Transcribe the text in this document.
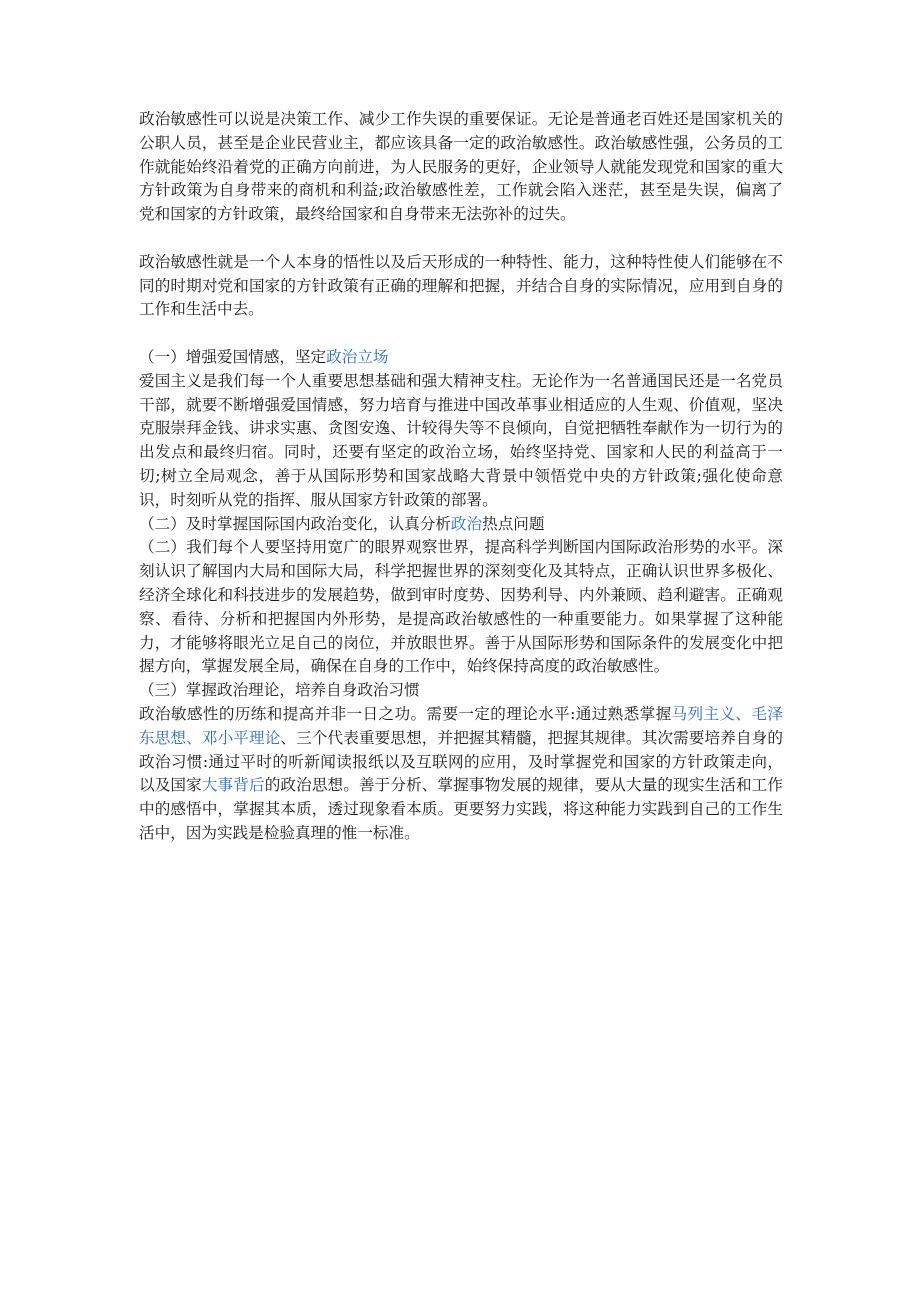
政治敏感性可以说是决策工作、减少工作失误的重要保证。无论是普通老百姓还是国家机关的公职人员，甚至是企业民营业主，都应该具备一定的政治敏感性。政治敏感性强，公务员的工作就能始终沿着党的正确方向前进，为人民服务的更好，企业领导人就能发现党和国家的重大方针政策为自身带来的商机和利益;政治敏感性差，工作就会陷入迷茫，甚至是失误，偏离了党和国家的方针政策，最终给国家和自身带来无法弥补的过失。

政治敏感性就是一个人本身的悟性以及后天形成的一种特性、能力，这种特性使人们能够在不同的时期对党和国家的方针政策有正确的理解和把握，并结合自身的实际情况，应用到自身的工作和生活中去。

（一）增强爱国情感，坚定政治立场

爱国主义是我们每一个人重要思想基础和强大精神支柱。无论作为一名普通国民还是一名党员干部，就要不断增强爱国情感，努力培育与推进中国改革事业相适应的人生观、价值观，坚决克服崇拜金钱、讲求实惠、贪图安逸、计较得失等不良倾向，自觉把牺牲奉献作为一切行为的出发点和最终归宿。同时，还要有坚定的政治立场，始终坚持党、国家和人民的利益高于一切;树立全局观念，善于从国际形势和国家战略大背景中领悟党中央的方针政策;强化使命意识，时刻听从党的指挥、服从国家方针政策的部署。

（二）及时掌握国际国内政治变化，认真分析政治热点问题

（二）我们每个人要坚持用宽广的眼界观察世界，提高科学判断国内国际政治形势的水平。深刻认识了解国内大局和国际大局，科学把握世界的深刻变化及其特点，正确认识世界多极化、经济全球化和科技进步的发展趋势，做到审时度势、因势利导、内外兼顾、趋利避害。正确观察、看待、分析和把握国内外形势，是提高政治敏感性的一种重要能力。如果掌握了这种能力，才能够将眼光立足自己的岗位，并放眼世界。善于从国际形势和国际条件的发展变化中把握方向，掌握发展全局，确保在自身的工作中，始终保持高度的政治敏感性。

（三）掌握政治理论，培养自身政治习惯

政治敏感性的历练和提高并非一日之功。需要一定的理论水平:通过熟悉掌握马列主义、毛泽东思想、邓小平理论、三个代表重要思想，并把握其精髓，把握其规律。其次需要培养自身的政治习惯:通过平时的听新闻读报纸以及互联网的应用，及时掌握党和国家的方针政策走向，以及国家大事背后的政治思想。善于分析、掌握事物发展的规律，要从大量的现实生活和工作中的感悟中，掌握其本质，透过现象看本质。更要努力实践，将这种能力实践到自己的工作生活中，因为实践是检验真理的惟一标准。
